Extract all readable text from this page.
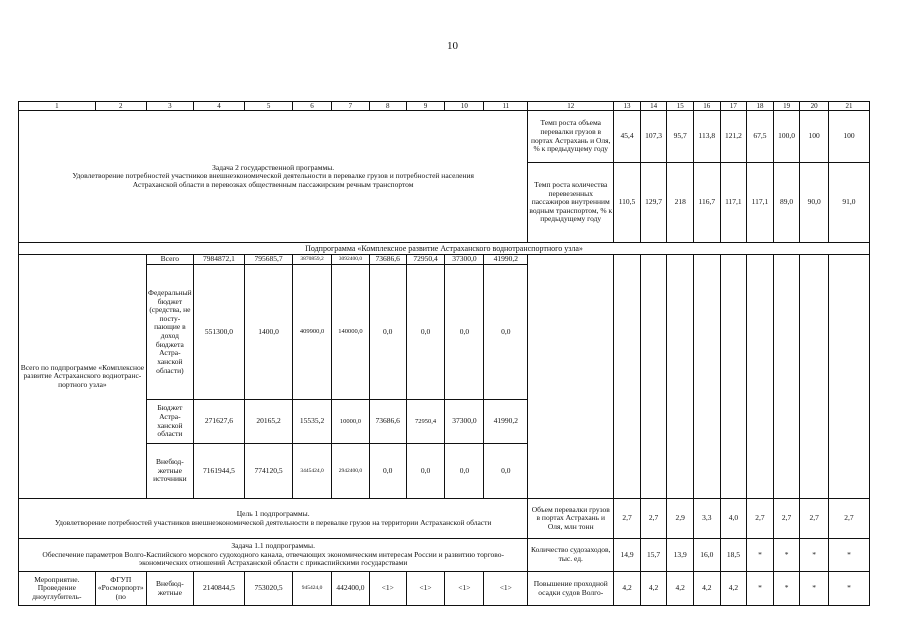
10
1	2	3	4	5	6	7	8	9	10	11	12	13	14	15	16	17	18	19	20	21

Задача 2 государственной программы.
Удовлетворение потребностей участников внешнеэкономической деятельности в перевалке грузов и потребностей населения Астраханской области в перевозках общественным пассажирским речным транспортом											Темп роста объема перевалки грузов в портах Астрахань и Оля, % к предыдущему году	45,4	107,3	95,7	113,8	121,2	67,5	100,0	100	100
											Темп роста количества перевезенных пассажиров внутренним водным транспортом, % к предыдущему году	110,5	129,7	218	116,7	117,1	117,1	89,0	90,0	91,0
Подпрограмма «Комплексное развитие Астраханского воднотранспортного узла»																				
Всего по подпрограмме «Комплексное развитие Астраханского воднотранспортного узла»		Всего	7984872,1	795685,7	3870859,2	3092400,0	73686,6	72950,4	37300,0	41990,2										
		Федеральный бюджет (средства, не поступающие в доход бюджета Астраханской области)	551300,0	1400,0	409900,0	140000,0	0,0	0,0	0,0	0,0										
		Бюджет Астраханской области	271627,6	20165,2	15535,2	10000,0	73686,6	72950,4	37300,0	41990,2										
		Внебюджетные источники	7161944,5	774120,5	3445424,0	2942400,0	0,0	0,0	0,0	0,0										

Цель 1 подпрограммы.
Удовлетворение потребностей участников внешнеэкономической деятельности в перевалке грузов на территории Астраханской области											Объем перевалки грузов в портах Астрахань и Оля, млн тонн	2,7	2,7	2,9	3,3	4,0	2,7	2,7	2,7	2,7

Задача 1.1 подпрограммы.
Обеспечение параметров Волго-Каспийского морского судоходного канала, отвечающих экономическим интересам России и развитию торгово-экономических отношений Астраханской области с прикаспийскими государствами											Количество судозаходов, тыс. ед.	14,9	15,7	13,9	16,0	18,5	*	*	*	*
Мероприятие. Проведение дноуглубитель-	ФГУП «Росморпорт» (по	Внебюджетные	2140844,5	753020,5	945424,0	442400,0	<1>	<1>	<1>	<1>	Повышение проходной осадки судов Волго-	4,2	4,2	4,2	4,2	4,2	*	*	*	*
